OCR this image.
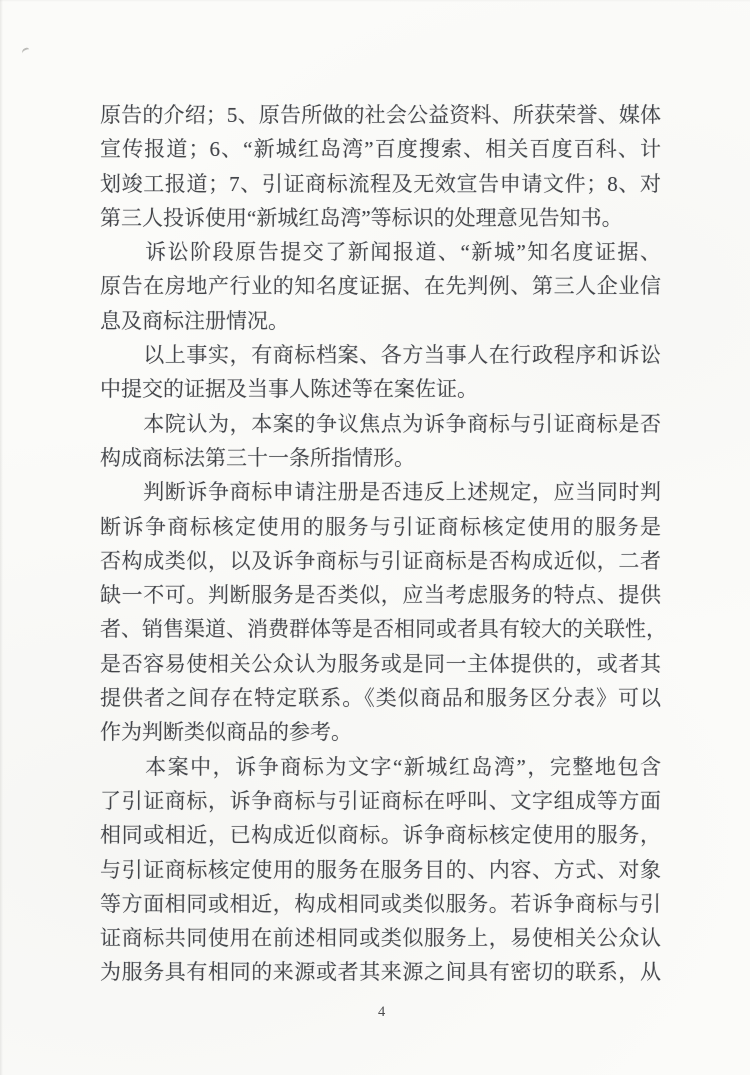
原告的介绍；5、原告所做的社会公益资料、所获荣誉、媒体
宣传报道；6、“新城红岛湾”百度搜索、相关百度百科、计
划竣工报道；7、引证商标流程及无效宣告申请文件；8、对
第三人投诉使用“新城红岛湾”等标识的处理意见告知书。
　　诉讼阶段原告提交了新闻报道、“新城”知名度证据、
原告在房地产行业的知名度证据、在先判例、第三人企业信
息及商标注册情况。
　　以上事实，有商标档案、各方当事人在行政程序和诉讼
中提交的证据及当事人陈述等在案佐证。
　　本院认为，本案的争议焦点为诉争商标与引证商标是否
构成商标法第三十一条所指情形。
　　判断诉争商标申请注册是否违反上述规定，应当同时判
断诉争商标核定使用的服务与引证商标核定使用的服务是
否构成类似，以及诉争商标与引证商标是否构成近似，二者
缺一不可。判断服务是否类似，应当考虑服务的特点、提供
者、销售渠道、消费群体等是否相同或者具有较大的关联性，
是否容易使相关公众认为服务或是同一主体提供的，或者其
提供者之间存在特定联系。《类似商品和服务区分表》可以
作为判断类似商品的参考。
　　本案中，诉争商标为文字“新城红岛湾”，完整地包含
了引证商标，诉争商标与引证商标在呼叫、文字组成等方面
相同或相近，已构成近似商标。诉争商标核定使用的服务，
与引证商标核定使用的服务在服务目的、内容、方式、对象
等方面相同或相近，构成相同或类似服务。若诉争商标与引
证商标共同使用在前述相同或类似服务上，易使相关公众认
为服务具有相同的来源或者其来源之间具有密切的联系，从
4
